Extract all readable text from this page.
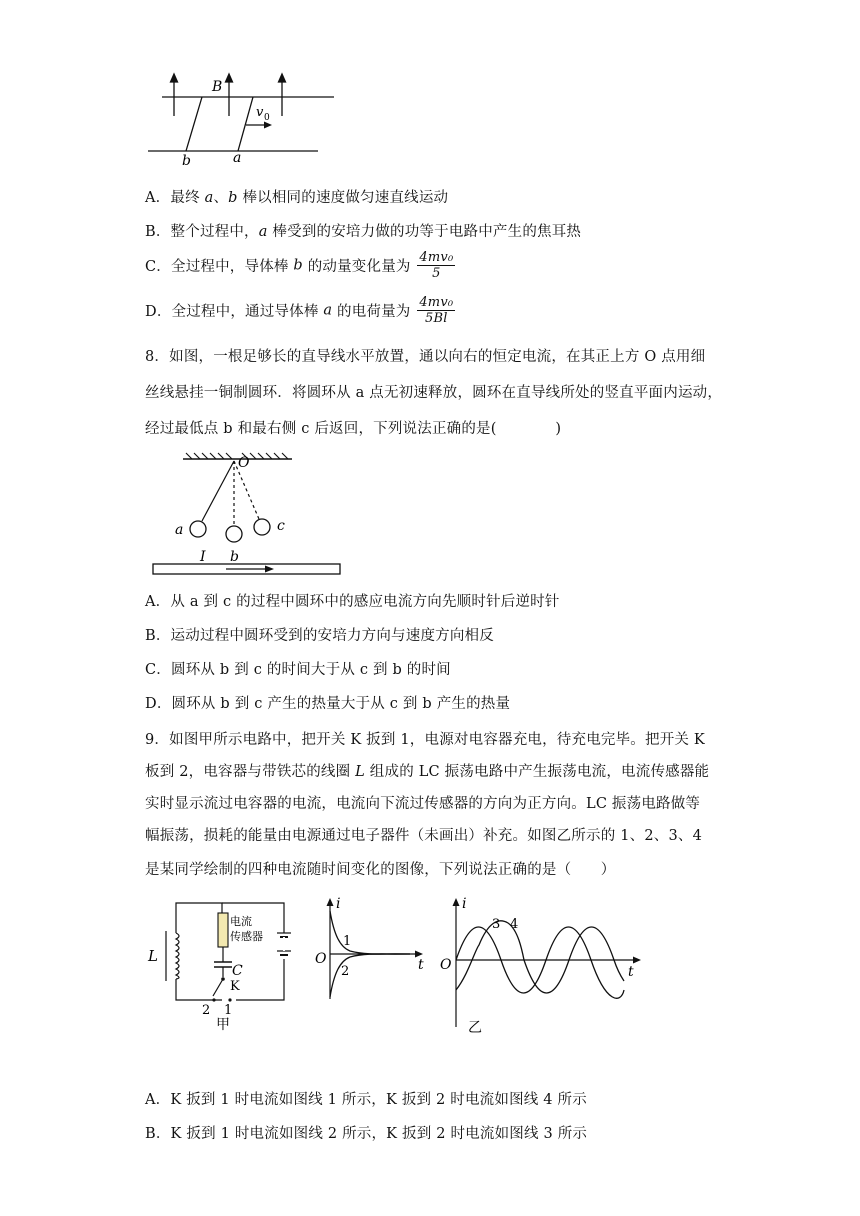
B
v 0
b	a
A．最终 a、b 棒以相同的速度做匀速直线运动
B．整个过程中，a 棒受到的安培力做的功等于电路中产生的焦耳热
C．全过程中，导体棒 b 的动量变化量为 $\frac{\text{4mv₀}}{5}$
D．全过程中，通过导体棒 a 的电荷量为 $\frac{\text{4mv₀}}{5Bl}$
8．如图，一根足够长的直导线水平放置，通以向右的恒定电流，在其正上方 O 点用细
丝线悬挂一铜制圆环．将圆环从 a 点无初速释放，圆环在直导线所处的竖直平面内运动，
经过最低点 b 和最右侧 c 后返回，下列说法正确的是(　　　　)
O
a
b
c
I
A．从 a 到 c 的过程中圆环中的感应电流方向先顺时针后逆时针
B．运动过程中圆环受到的安培力方向与速度方向相反
C．圆环从 b 到 c 的时间大于从 c 到 b 的时间
D．圆环从 b 到 c 产生的热量大于从 c 到 b 产生的热量
9．如图甲所示电路中，把开关 K 扳到 1，电源对电容器充电，待充电完毕。把开关 K
板到 2，电容器与带铁芯的线圈 L 组成的 LC 振荡电路中产生振荡电流，电流传感器能
实时显示流过电容器的电流，电流向下流过传感器的方向为正方向。LC 振荡电路做等
幅振荡，损耗的能量由电源通过电子器件（未画出）补充。如图乙所示的 1、2、3、4
是某同学绘制的四种电流随时间变化的图像，下列说法正确的是（　　）
L
电流
传感器
C
K
2 1
甲
i
O	t
1
2
i
O	t
3 4
乙
A．K 扳到 1 时电流如图线 1 所示，K 扳到 2 时电流如图线 4 所示
B．K 扳到 1 时电流如图线 2 所示，K 扳到 2 时电流如图线 3 所示
